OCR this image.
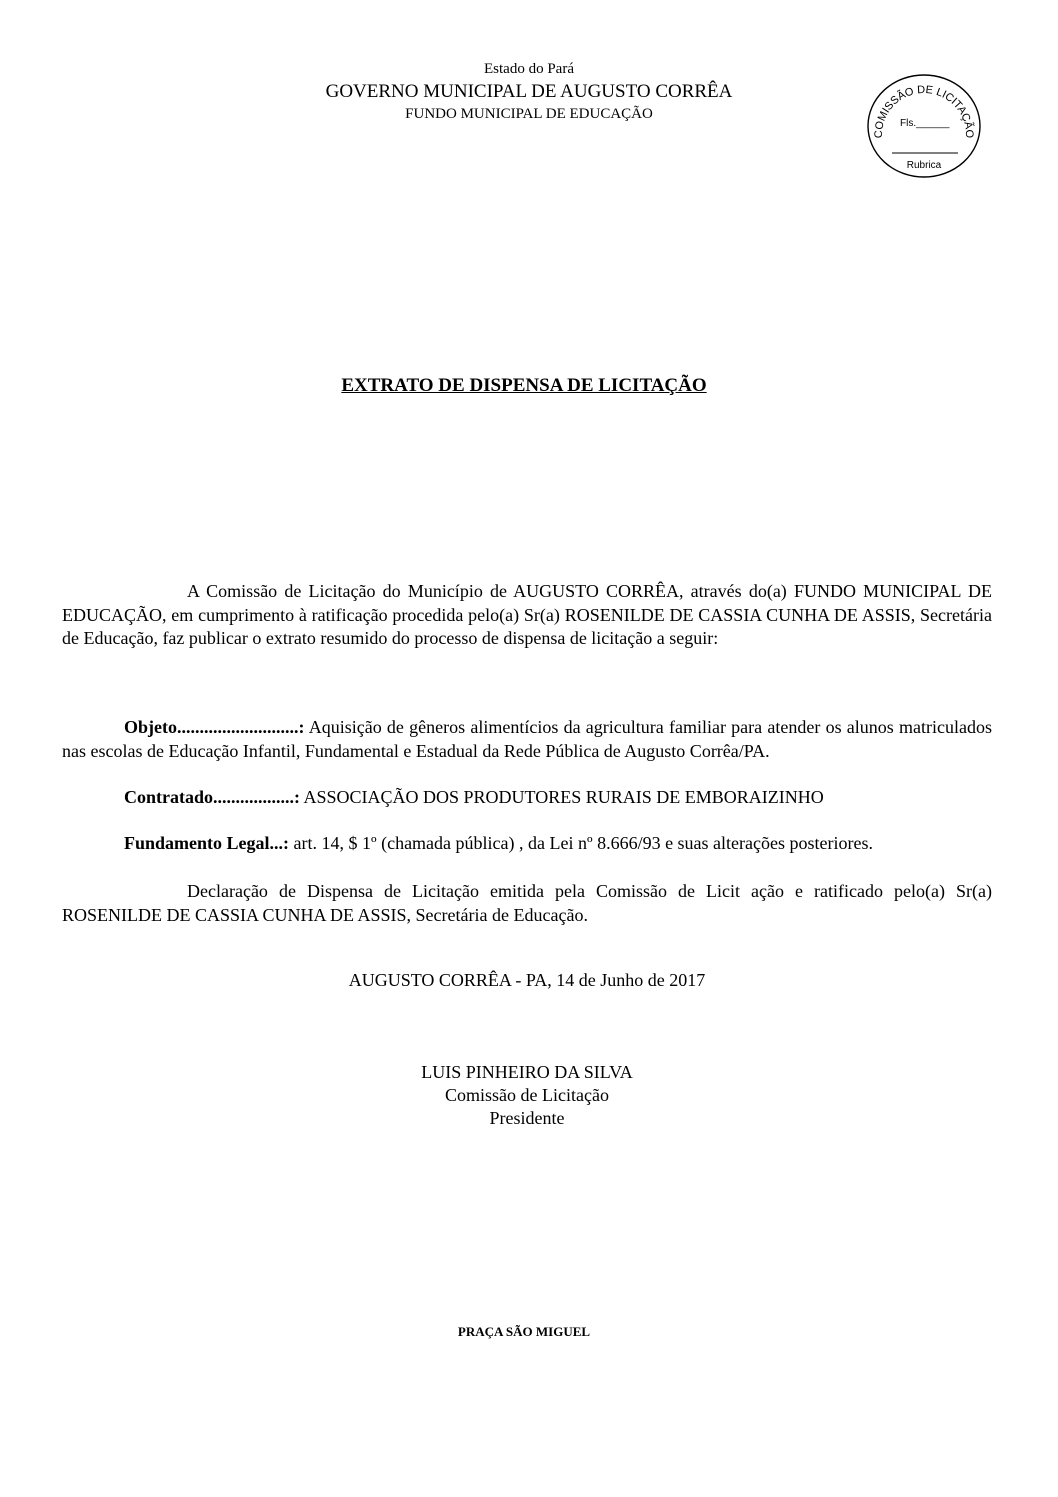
Estado do Pará
GOVERNO MUNICIPAL DE AUGUSTO CORRÊA
FUNDO MUNICIPAL DE EDUCAÇÃO
COMISSÃO DE LICITAÇÃO
Fls.______
Rubrica
EXTRATO DE DISPENSA DE LICITAÇÃO
A Comissão de Licitação do Município de AUGUSTO CORRÊA, através do(a) FUNDO MUNICIPAL DE EDUCAÇÃO, em cumprimento à ratificação procedida pelo(a) Sr(a) ROSENILDE DE CASSIA CUNHA DE ASSIS, Secretária de Educação, faz publicar o extrato resumido do processo de dispensa de licitação a seguir:
Objeto...........................: Aquisição de gêneros alimentícios da agricultura familiar para atender os alunos matriculados nas escolas de Educação Infantil, Fundamental e Estadual da Rede Pública de Augusto Corrêa/PA.
Contratado..................: ASSOCIAÇÃO DOS PRODUTORES RURAIS DE EMBORAIZINHO
Fundamento Legal...: art. 14, $ 1º (chamada pública) , da Lei nº 8.666/93 e suas alterações posteriores.
Declaração de Dispensa de Licitação emitida pela Comissão de Licit ação e ratificado pelo(a) Sr(a) ROSENILDE DE CASSIA CUNHA DE ASSIS, Secretária de Educação.
AUGUSTO CORRÊA - PA, 14 de Junho de 2017
LUIS PINHEIRO DA SILVA
Comissão de Licitação
Presidente
PRAÇA SÃO MIGUEL
